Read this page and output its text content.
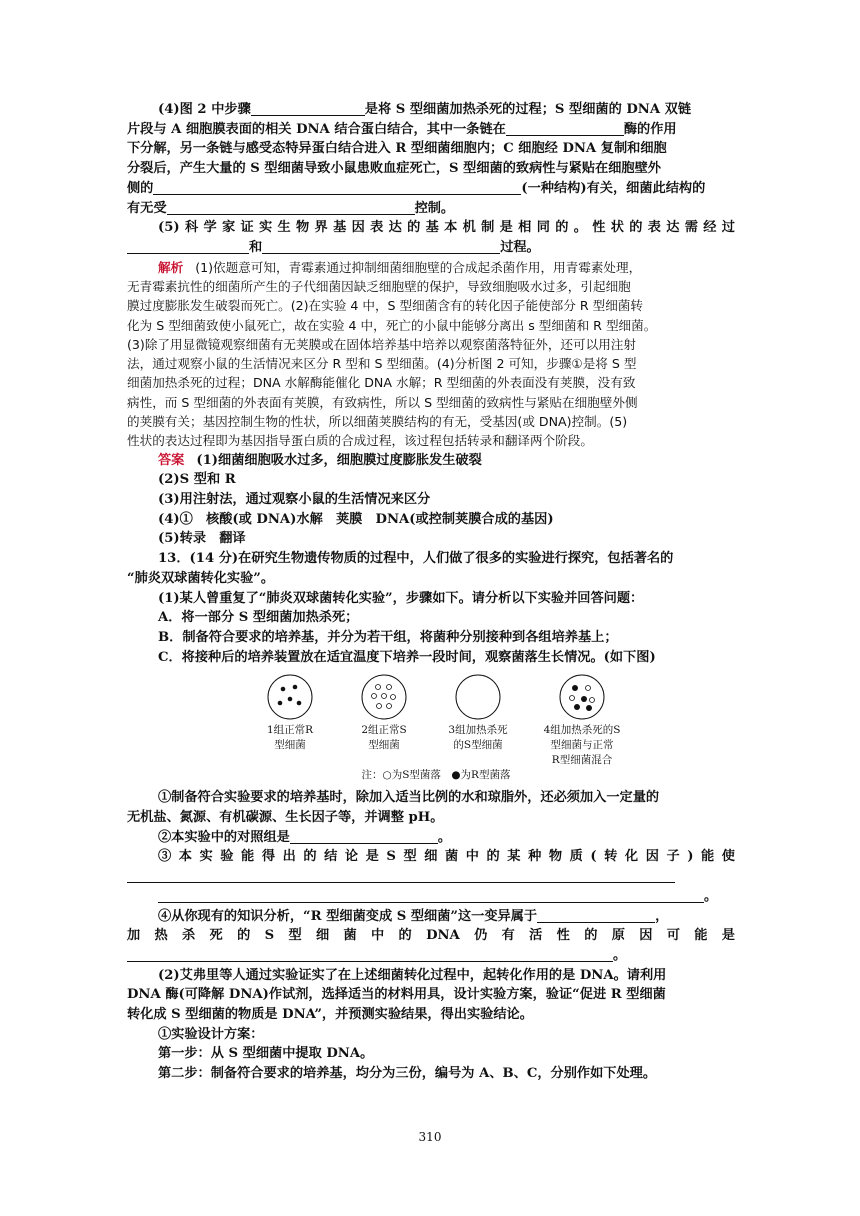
(4)图 2 中步骤	是将 S 型细菌加热杀死的过程；S 型细菌的 DNA 双链
片段与 A 细胞膜表面的相关 DNA 结合蛋白结合，其中一条链在	酶的作用
下分解，另一条链与感受态特异蛋白结合进入 R 型细菌细胞内；C 细胞经 DNA 复制和细胞
分裂后，产生大量的 S 型细菌导致小鼠患败血症死亡，S 型细菌的致病性与紧贴在细胞壁外
侧的	(一种结构)有关，细菌此结构的
有无受	控制。
(5)科学家证实生物界基因表达的基本机制是相同的。性状的表达需经过
和	过程。
解析 (1)依题意可知，青霉素通过抑制细菌细胞壁的合成起杀菌作用，用青霉素处理，
无青霉素抗性的细菌所产生的子代细菌因缺乏细胞壁的保护，导致细胞吸水过多，引起细胞
膜过度膨胀发生破裂而死亡。(2)在实验 4 中，S 型细菌含有的转化因子能使部分 R 型细菌转
化为 S 型细菌致使小鼠死亡，故在实验 4 中，死亡的小鼠中能够分离出 s 型细菌和 R 型细菌。
(3)除了用显微镜观察细菌有无荚膜或在固体培养基中培养以观察菌落特征外，还可以用注射
法，通过观察小鼠的生活情况来区分 R 型和 S 型细菌。(4)分析图 2 可知，步骤①是将 S 型
细菌加热杀死的过程；DNA 水解酶能催化 DNA 水解；R 型细菌的外表面没有荚膜，没有致
病性，而 S 型细菌的外表面有荚膜，有致病性，所以 S 型细菌的致病性与紧贴在细胞壁外侧
的荚膜有关；基因控制生物的性状，所以细菌荚膜结构的有无，受基因(或 DNA)控制。(5)
性状的表达过程即为基因指导蛋白质的合成过程，该过程包括转录和翻译两个阶段。
答案 (1)细菌细胞吸水过多，细胞膜过度膨胀发生破裂
(2)S 型和 R
(3)用注射法，通过观察小鼠的生活情况来区分
(4)①　核酸(或 DNA)水解　荚膜　DNA(或控制荚膜合成的基因)
(5)转录　翻译
13．(14 分)在研究生物遗传物质的过程中，人们做了很多的实验进行探究，包括著名的
“肺炎双球菌转化实验”。
(1)某人曾重复了“肺炎双球菌转化实验”，步骤如下。请分析以下实验并回答问题：
A．将一部分 S 型细菌加热杀死；
B．制备符合要求的培养基，并分为若干组，将菌种分别接种到各组培养基上；
C．将接种后的培养装置放在适宜温度下培养一段时间，观察菌落生长情况。(如下图)
1组正常R
型细菌
2组正常S
型细菌
3组加热杀死
的S型细菌
4组加热杀死的S
型细菌与正常
R型细菌混合
注：○为S型菌落　●为R型菌落
①制备符合实验要求的培养基时，除加入适当比例的水和琼脂外，还必须加入一定量的
无机盐、氮源、有机碳源、生长因子等，并调整 pH。
②本实验中的对照组是	。
③本实验能得出的结论是S型细菌中的某种物质(转化因子)能使
。
④从你现有的知识分析，“R 型细菌变成 S 型细菌”这一变异属于	，
加热杀死的S型细菌中的DNA仍有活性的原因可能是
。
(2)艾弗里等人通过实验证实了在上述细菌转化过程中，起转化作用的是 DNA。请利用
DNA 酶(可降解 DNA)作试剂，选择适当的材料用具，设计实验方案，验证“促进 R 型细菌
转化成 S 型细菌的物质是 DNA”，并预测实验结果，得出实验结论。
①实验设计方案：
第一步：从 S 型细菌中提取 DNA。
第二步：制备符合要求的培养基，均分为三份，编号为 A、B、C，分别作如下处理。
310
